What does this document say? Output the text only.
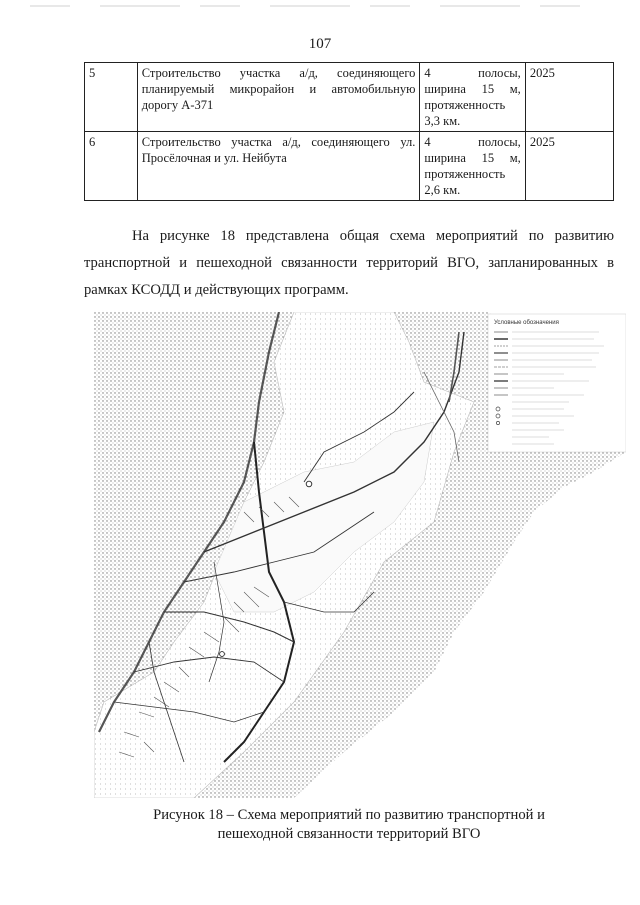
107
5	Строительство участка а/д, соединяющего планируемый микрорайон и автомобильную дорогу А-371	4 полосы, ширина 15 м, протяженность 3,3 км.	2025
6	Строительство участка а/д, соединяющего ул. Просёлочная и ул. Нейбута	4 полосы, ширина 15 м, протяженность 2,6 км.	2025

На рисунке 18 представлена общая схема мероприятий по развитию транспортной и пешеходной связанности территорий ВГО, запланированных в рамках КСОДД и действующих программ.

Условные обозначения
Рисунок 18 – Схема мероприятий по развитию транспортной и
пешеходной связанности территорий ВГО
